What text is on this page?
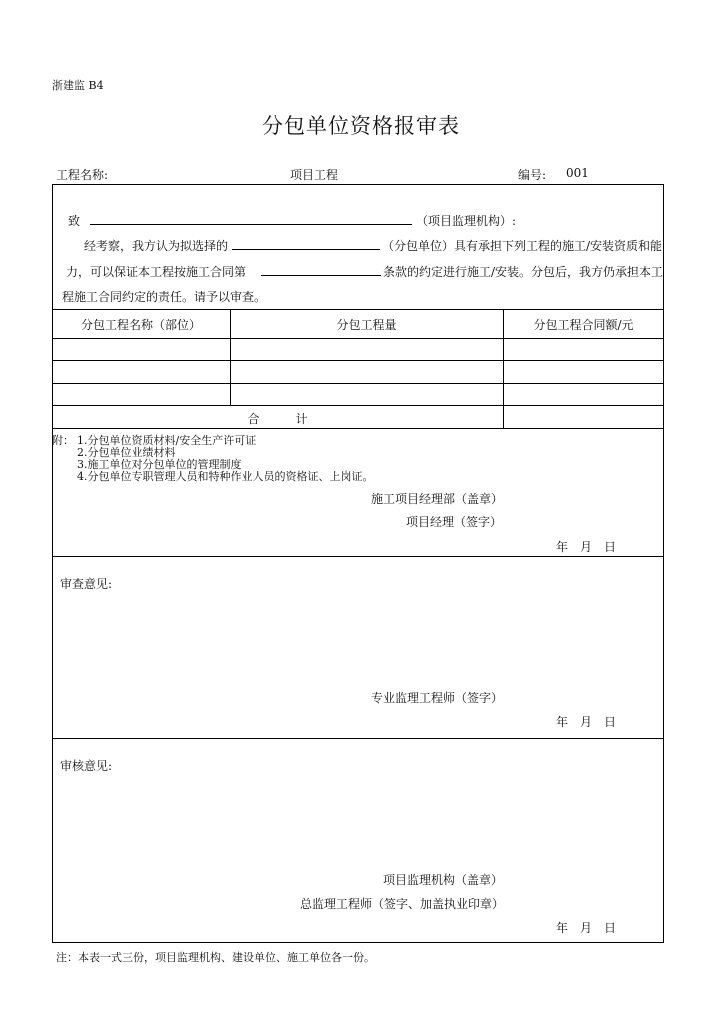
浙建监 B4
分包单位资格报审表
工程名称:	项目工程	编号: 001
致	（项目监理机构）:
经考察，我方认为拟选择的	（分包单位）具有承担下列工程的施工/安装资质和能
力，可以保证本工程按施工合同第	条款的约定进行施工/安装。分包后，我方仍承担本工
程施工合同约定的责任。请予以审查。
分包工程名称（部位）	分包工程量	分包工程合同额/元
合　　　计
附： 1.分包单位资质材料/安全生产许可证
2.分包单位业绩材料
3.施工单位对分包单位的管理制度
4.分包单位专职管理人员和特种作业人员的资格证、上岗证。
施工项目经理部（盖章）
项目经理（签字）
年　月　日
审查意见:
专业监理工程师（签字）
年　月　日
审核意见:
项目监理机构（盖章）
总监理工程师（签字、加盖执业印章）
年　月　日
注：本表一式三份，项目监理机构、建设单位、施工单位各一份。
